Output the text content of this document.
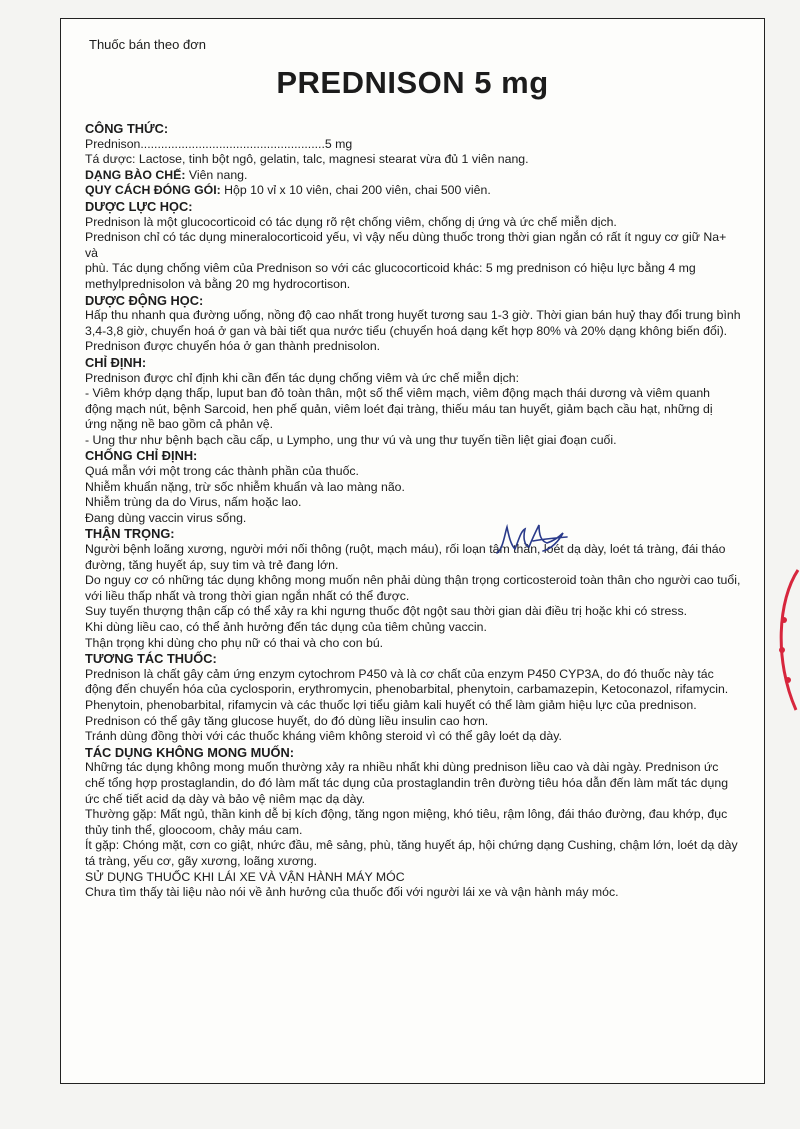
Thuốc bán theo đơn
PREDNISON 5 mg
CÔNG THỨC:
Prednison......................................................5 mg
Tá dược: Lactose, tinh bột ngô, gelatin, talc, magnesi stearat vừa đủ 1 viên nang.
DẠNG BÀO CHẾ: Viên nang.
QUY CÁCH ĐÓNG GÓI: Hộp 10 vỉ x 10 viên, chai 200 viên, chai 500 viên.
DƯỢC LỰC HỌC:
Prednison là một glucocorticoid có tác dụng rõ rệt chống viêm, chống dị ứng và ức chế miễn dịch.
Prednison chỉ có tác dụng mineralocorticoid yếu, vì vậy nếu dùng thuốc trong thời gian ngắn có rất ít nguy cơ giữ Na+ và
phù. Tác dụng chống viêm của Prednison so với các glucocorticoid khác: 5 mg prednison có hiệu lực bằng 4 mg
methylprednisolon và bằng 20 mg hydrocortison.
DƯỢC ĐỘNG HỌC:
Hấp thu nhanh qua đường uống, nồng độ cao nhất trong huyết tương sau 1-3 giờ. Thời gian bán huỷ thay đổi trung bình
3,4-3,8 giờ, chuyển hoá ở gan và bài tiết qua nước tiểu (chuyển hoá dạng kết hợp 80% và 20% dạng không biến đổi).
Prednison được chuyển hóa ở gan thành prednisolon.
CHỈ ĐỊNH:
Prednison được chỉ định khi cần đến tác dụng chống viêm và ức chế miễn dịch:
- Viêm khớp dạng thấp, luput ban đỏ toàn thân, một số thể viêm mạch, viêm động mạch thái dương và viêm quanh
động mạch nút, bệnh Sarcoid, hen phế quản, viêm loét đại tràng, thiếu máu tan huyết, giảm bạch cầu hạt, những dị
ứng nặng nề bao gồm cả phản vệ.
- Ung thư như bệnh bạch cầu cấp, u Lympho, ung thư vú và ung thư tuyến tiền liệt giai đoạn cuối.
CHỐNG CHỈ ĐỊNH:
Quá mẫn với một trong các thành phần của thuốc.
Nhiễm khuẩn nặng, trừ sốc nhiễm khuẩn và lao màng não.
Nhiễm trùng da do Virus, nấm hoặc lao.
Đang dùng vaccin virus sống.
THẬN TRỌNG:
Người bệnh loãng xương, người mới nối thông (ruột, mạch máu), rối loạn tâm thần, loét dạ dày, loét tá tràng, đái tháo
đường, tăng huyết áp, suy tim và trẻ đang lớn.
Do nguy cơ có những tác dụng không mong muốn nên phải dùng thận trọng corticosteroid toàn thân cho người cao tuổi,
với liều thấp nhất và trong thời gian ngắn nhất có thể được.
Suy tuyến thượng thận cấp có thể xảy ra khi ngưng thuốc đột ngột sau thời gian dài điều trị hoặc khi có stress.
Khi dùng liều cao, có thể ảnh hưởng đến tác dụng của tiêm chủng vaccin.
Thận trọng khi dùng cho phụ nữ có thai và cho con bú.
TƯƠNG TÁC THUỐC:
Prednison là chất gây cảm ứng enzym cytochrom P450 và là cơ chất của enzym P450 CYP3A, do đó thuốc này tác
động đến chuyển hóa của cyclosporin, erythromycin, phenobarbital, phenytoin, carbamazepin, Ketoconazol, rifamycin.
Phenytoin, phenobarbital, rifamycin và các thuốc lợi tiểu giảm kali huyết có thể làm giảm hiệu lực của prednison.
Prednison có thể gây tăng glucose huyết, do đó dùng liều insulin cao hơn.
Tránh dùng đồng thời với các thuốc kháng viêm không steroid vì có thể gây loét dạ dày.
TÁC DỤNG KHÔNG MONG MUỐN:
Những tác dụng không mong muốn thường xảy ra nhiều nhất khi dùng prednison liều cao và dài ngày. Prednison ức
chế tổng hợp prostaglandin, do đó làm mất tác dụng của prostaglandin trên đường tiêu hóa dẫn đến làm mất tác dụng
ức chế tiết acid dạ dày và bảo vệ niêm mạc dạ dày.
Thường gặp: Mất ngủ, thần kinh dễ bị kích động, tăng ngon miệng, khó tiêu, rậm lông, đái tháo đường, đau khớp, đục
thủy tinh thể, gloocoom, chảy máu cam.
Ít gặp: Chóng mặt, cơn co giật, nhức đầu, mê sảng, phù, tăng huyết áp, hội chứng dạng Cushing, chậm lớn, loét dạ dày
tá tràng, yếu cơ, gãy xương, loãng xương.
SỬ DỤNG THUỐC KHI LÁI XE VÀ VẬN HÀNH MÁY MÓC
Chưa tìm thấy tài liệu nào nói về ảnh hưởng của thuốc đối với người lái xe và vận hành máy móc.
